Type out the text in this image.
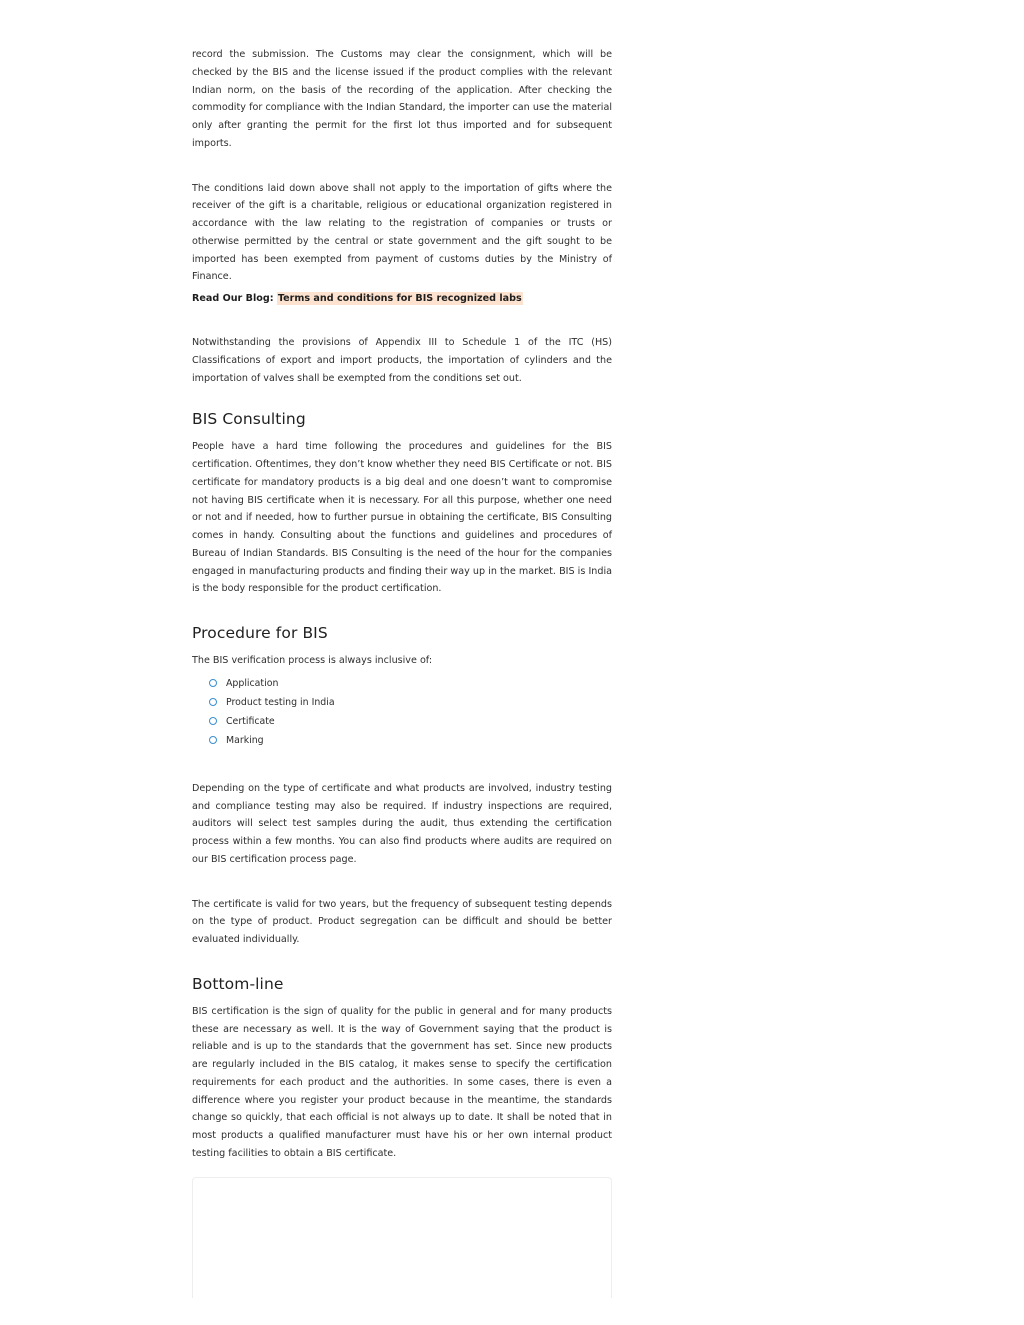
record the submission. The Customs may clear the consignment, which will be checked by the BIS and the license issued if the product complies with the relevant Indian norm, on the basis of the recording of the application. After checking the commodity for compliance with the Indian Standard, the importer can use the material only after granting the permit for the first lot thus imported and for subsequent imports.

The conditions laid down above shall not apply to the importation of gifts where the receiver of the gift is a charitable, religious or educational organization registered in accordance with the law relating to the registration of companies or trusts or otherwise permitted by the central or state government and the gift sought to be imported has been exempted from payment of customs duties by the Ministry of Finance.

Read Our Blog: Terms and conditions for BIS recognized labs

Notwithstanding the provisions of Appendix III to Schedule 1 of the ITC (HS) Classifications of export and import products, the importation of cylinders and the importation of valves shall be exempted from the conditions set out.

BIS Consulting

People have a hard time following the procedures and guidelines for the BIS certification. Oftentimes, they don’t know whether they need BIS Certificate or not. BIS certificate for mandatory products is a big deal and one doesn’t want to compromise not having BIS certificate when it is necessary. For all this purpose, whether one need or not and if needed, how to further pursue in obtaining the certificate, BIS Consulting comes in handy. Consulting about the functions and guidelines and procedures of Bureau of Indian Standards. BIS Consulting is the need of the hour for the companies engaged in manufacturing products and finding their way up in the market. BIS is India is the body responsible for the product certification.

Procedure for BIS

The BIS verification process is always inclusive of:

Application
Product testing in India
Certificate
Marking

Depending on the type of certificate and what products are involved, industry testing and compliance testing may also be required. If industry inspections are required, auditors will select test samples during the audit, thus extending the certification process within a few months. You can also find products where audits are required on our BIS certification process page.

The certificate is valid for two years, but the frequency of subsequent testing depends on the type of product. Product segregation can be difficult and should be better evaluated individually.

Bottom-line

BIS certification is the sign of quality for the public in general and for many products these are necessary as well. It is the way of Government saying that the product is reliable and is up to the standards that the government has set. Since new products are regularly included in the BIS catalog, it makes sense to specify the certification requirements for each product and the authorities. In some cases, there is even a difference where you register your product because in the meantime, the standards change so quickly, that each official is not always up to date. It shall be noted that in most products a qualified manufacturer must have his or her own internal product testing facilities to obtain a BIS certificate.
